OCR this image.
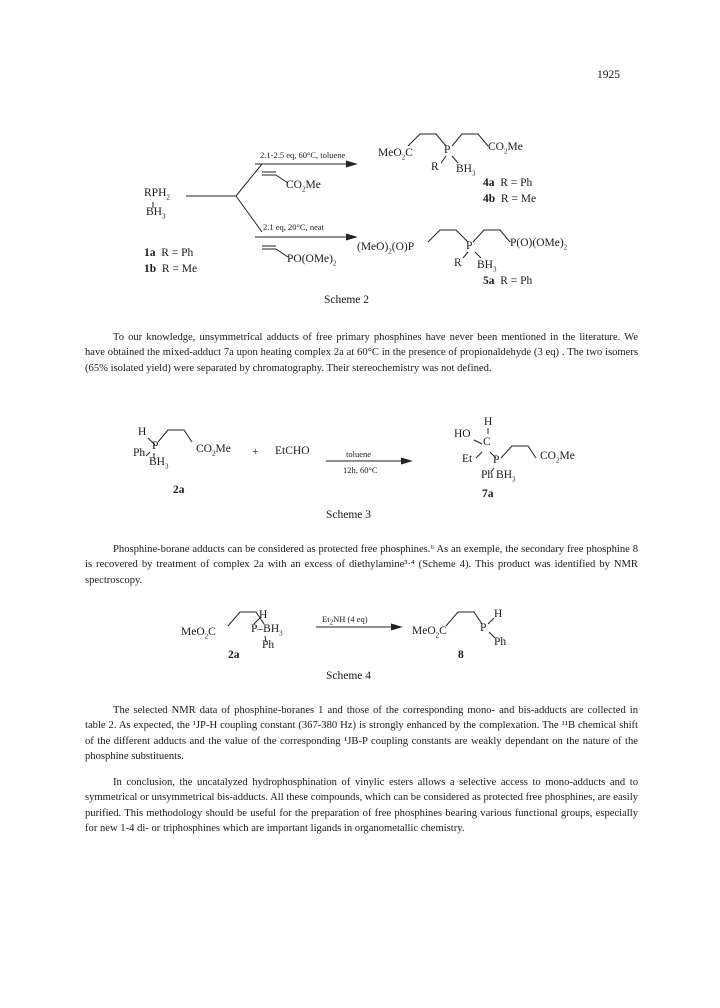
1925
$RPH_2$
$BH_3$
1a R = Ph
1b R = Me
2.1-2.5 eq, 60°C, toluene
$CO_2Me$
2.1 eq, 20°C, neat
$PO(OMe)_2$
MeO$_2$C	P	$CO_2Me$
R $BH_3$
4a R = Ph
4b R = Me
$(MeO)_2(O)P$	P	$P(O)(OMe)_2$
R $BH_3$
5a R = Ph
Scheme 2

To our knowledge, unsymmetrical adducts of free primary phosphines have never been mentioned in the literature. We have obtained the mixed-adduct 7a upon heating complex 2a at 60°C in the presence of propionaldehyde (3 eq) . The two isomers (65% isolated yield) were separated by chromatography. Their stereochemistry was not defined.

H
P
Ph
$BH_3$
$CO_2Me$ + EtCHO	toluene
12h, 60°C
2a
H
HO
C
Et P
Ph $BH_3$
$CO_2Me$
7a
Scheme 3

Phosphine-borane adducts can be considered as protected free phosphines.⁶ As an exemple, the secondary free phosphine 8 is recovered by treatment of complex 2a with an excess of diethylamine³·⁴ (Scheme 4). This product was identified by NMR spectroscopy.

MeO$_2$C
H
$P-BH_3$
Ph
2a
$Et_2NH$ (4 eq)
MeO$_2$C	P
H
Ph
8
Scheme 4

The selected NMR data of phosphine-boranes 1 and those of the corresponding mono- and bis-adducts are collected in table 2. As expected, the ¹JP-H coupling constant (367-380 Hz) is strongly enhanced by the complexation. The ¹¹B chemical shift of the different adducts and the value of the corresponding ¹JB-P coupling constants are weakly dependant on the nature of the phosphine substituents.

In conclusion, the uncatalyzed hydrophosphination of vinylic esters allows a selective access to mono-adducts and to symmetrical or unsymmetrical bis-adducts. All these compounds, which can be considered as protected free phosphines, are easily purified. This methodology should be useful for the preparation of free phosphines bearing various functional groups, especially for new 1-4 di- or triphosphines which are important ligands in organometallic chemistry.
